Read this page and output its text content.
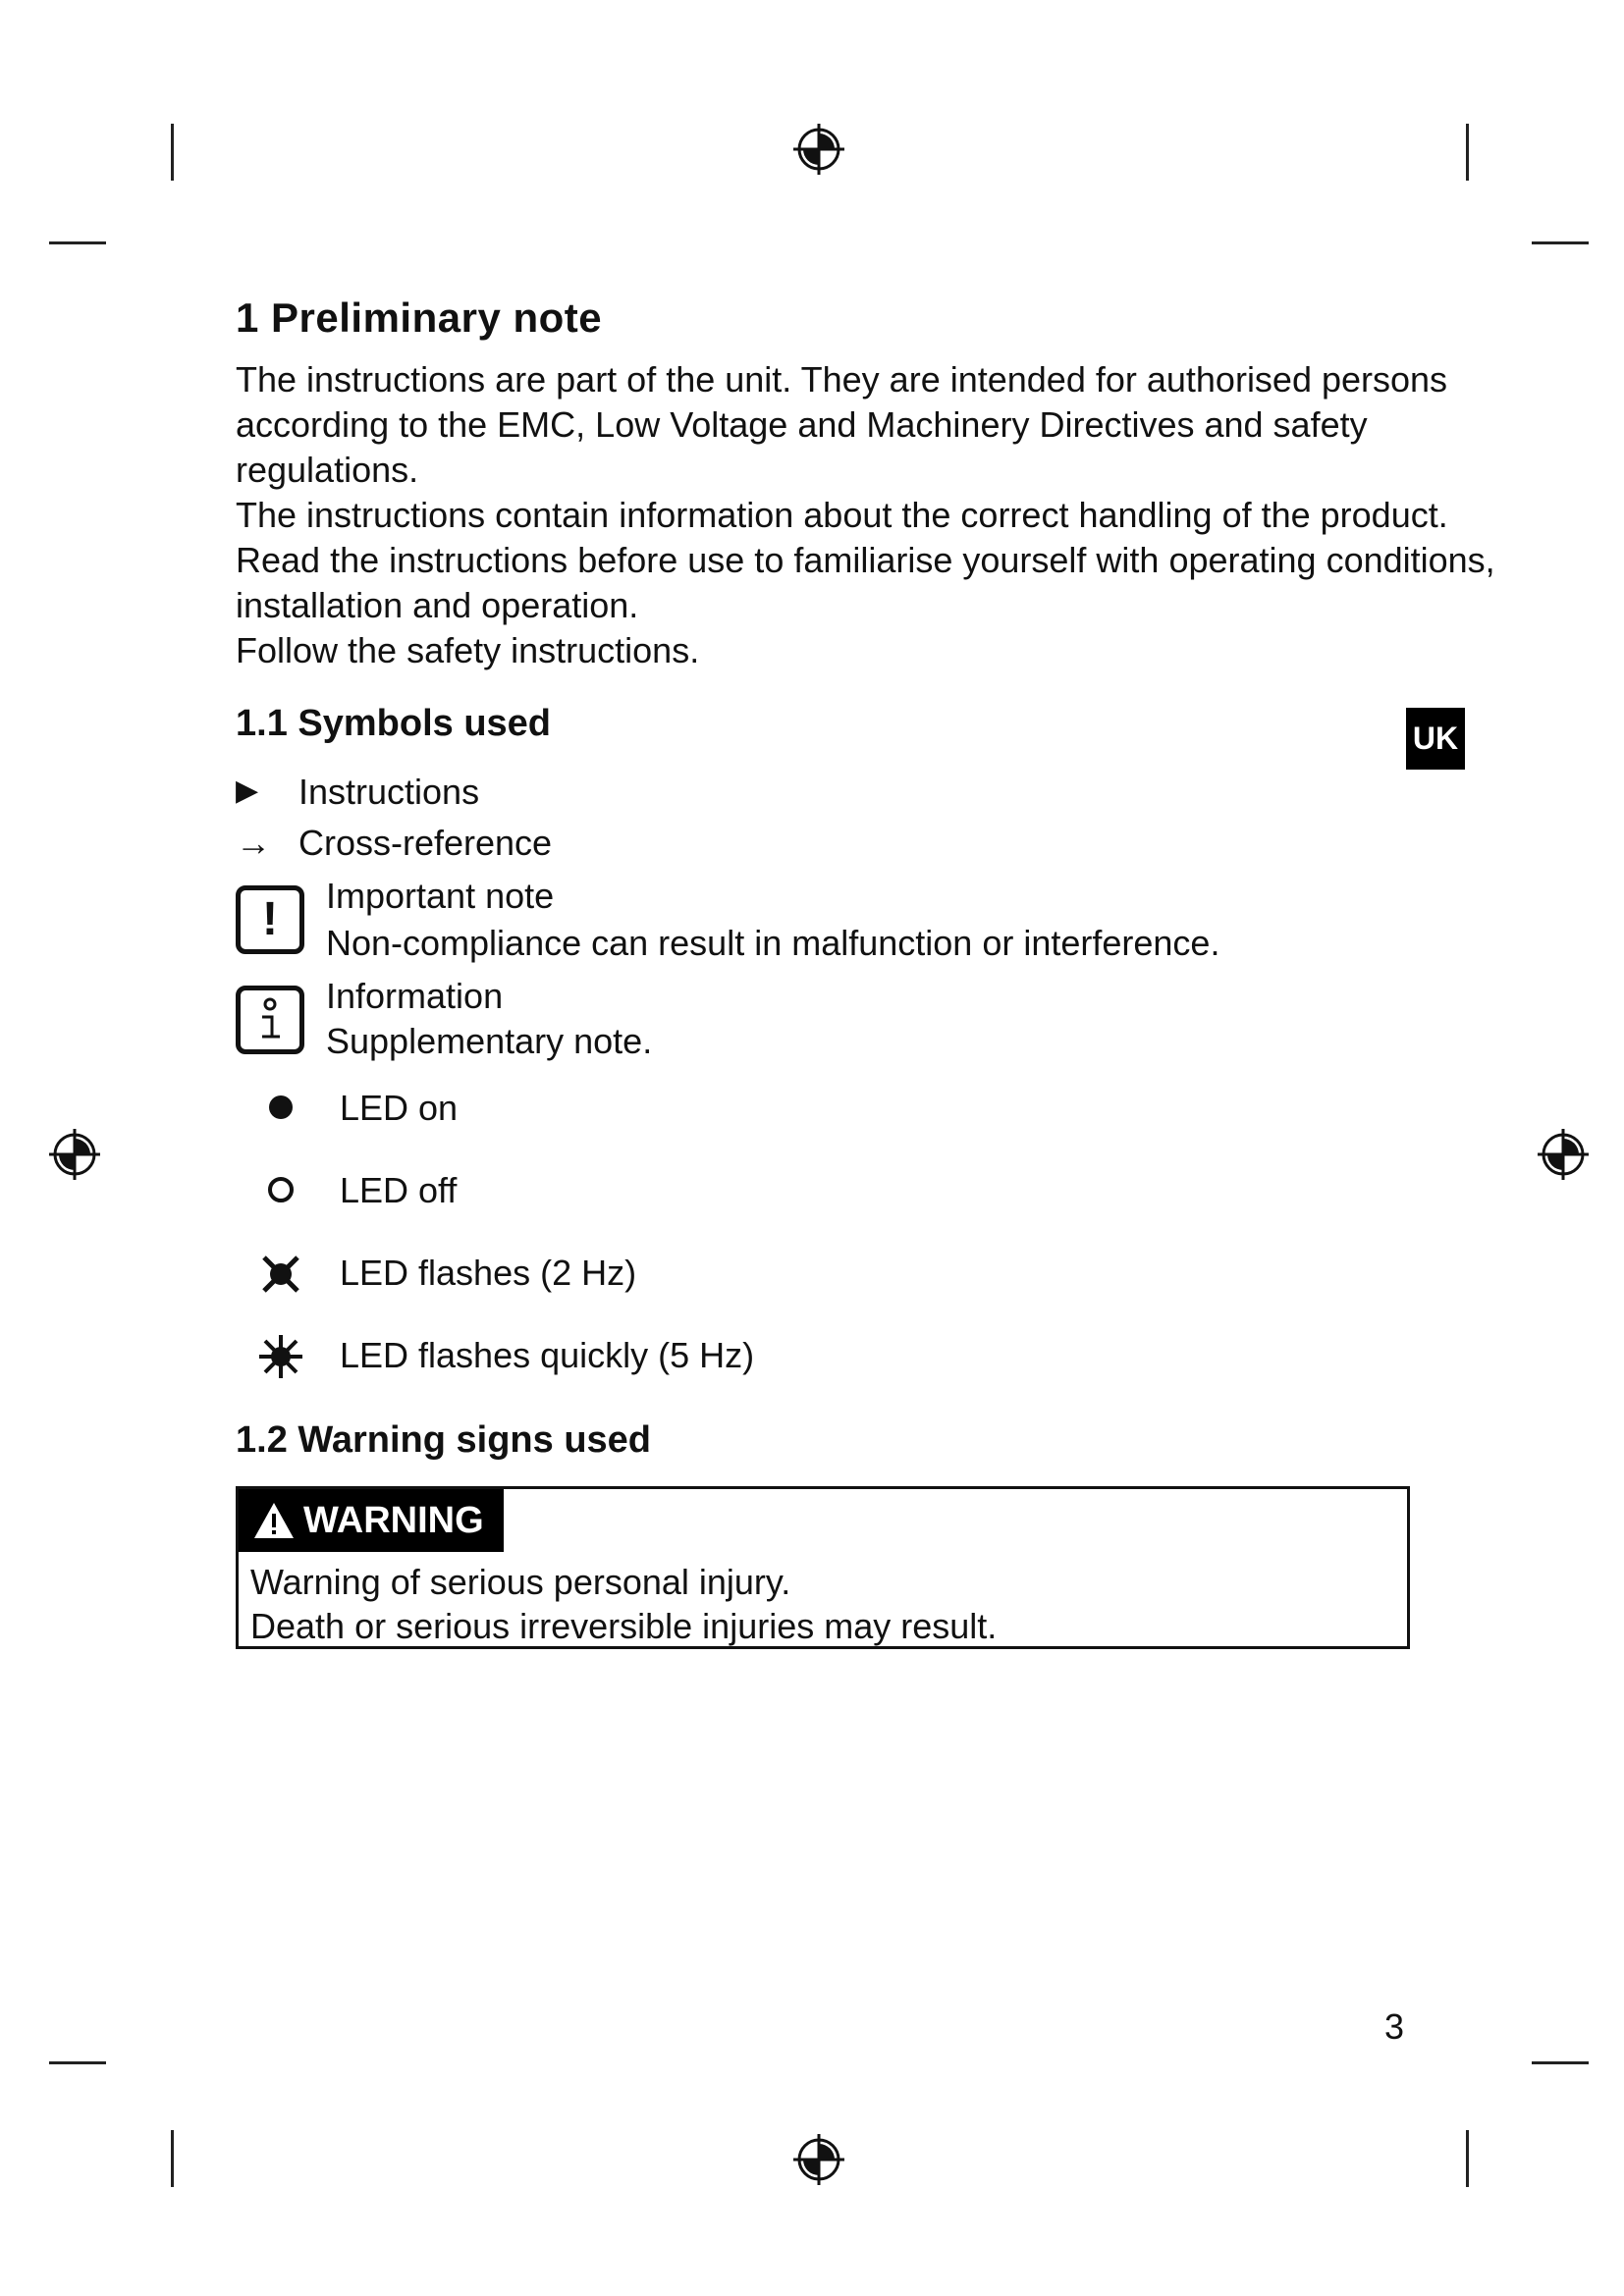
1 Preliminary note
The instructions are part of the unit. They are intended for authorised persons
according to the EMC, Low Voltage and Machinery Directives and safety
regulations.
The instructions contain information about the correct handling of the product.
Read the instructions before use to familiarise yourself with operating conditions,
installation and operation.
Follow the safety instructions.
UK
1.1 Symbols used
▶ Instructions
→ Cross-reference
! Important note
Non-compliance can result in malfunction or interference.
Information
Supplementary note.
LED on
LED off
LED flashes (2 Hz)
LED flashes quickly (5 Hz)
1.2 Warning signs used
WARNING
Warning of serious personal injury.
Death or serious irreversible injuries may result.
3
